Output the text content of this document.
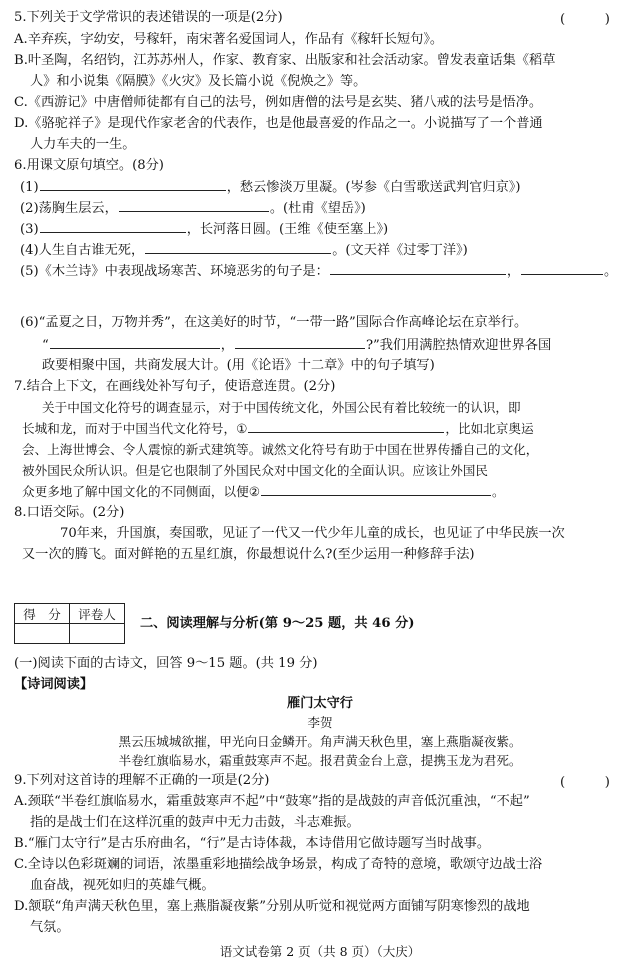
5.下列关于文学常识的表述错误的一项是(2分)	(　　　)
A.辛弃疾，字幼安，号稼轩，南宋著名爱国词人，作品有《稼轩长短句》。
B.叶圣陶，名绍钧，江苏苏州人，作家、教育家、出版家和社会活动家。曾发表童话集《稻草
人》和小说集《隔膜》《火灾》及长篇小说《倪焕之》等。
C.《西游记》中唐僧师徒都有自己的法号，例如唐僧的法号是玄奘、猪八戒的法号是悟净。
D.《骆驼祥子》是现代作家老舍的代表作，也是他最喜爱的作品之一。小说描写了一个普通
人力车夫的一生。
6.用课文原句填空。(8分)
(1)	，愁云惨淡万里凝。(岑参《白雪歌送武判官归京》)
(2)荡胸生层云，	。(杜甫《望岳》)
(3)	，长河落日圆。(王维《使至塞上》)
(4)人生自古谁无死，	。(文天祥《过零丁洋》)
(5)《木兰诗》中表现战场寒苦、环境恶劣的句子是：	，	。
(6)“孟夏之日，万物并秀”，在这美好的时节，“一带一路”国际合作高峰论坛在京举行。
“	，	?”我们用满腔热情欢迎世界各国
政要相聚中国，共商发展大计。(用《论语》十二章》中的句子填写)
7.结合上下文，在画线处补写句子，使语意连贯。(2分)
关于中国文化符号的调查显示，对于中国传统文化，外国公民有着比较统一的认识，即
长城和龙，而对于中国当代文化符号，①	，比如北京奥运
会、上海世博会、令人震惊的新式建筑等。诚然文化符号有助于中国在世界传播自己的文化，
被外国民众所认识。但是它也限制了外国民众对中国文化的全面认识。应该让外国民
众更多地了解中国文化的不同侧面，以便②	。
8.口语交际。(2分)
70年来，升国旗，奏国歌，见证了一代又一代少年儿童的成长，也见证了中华民族一次
又一次的腾飞。面对鲜艳的五星红旗，你最想说什么?(至少运用一种修辞手法)
得　分	评卷人

二、阅读理解与分析(第 9～25 题，共 46 分)
(一)阅读下面的古诗文，回答 9～15 题。(共 19 分)
【诗词阅读】
雁门太守行
李贺
黑云压城城欲摧，甲光向日金鳞开。角声满天秋色里，塞上燕脂凝夜紫。
半卷红旗临易水，霜重鼓寒声不起。报君黄金台上意，提携玉龙为君死。
9.下列对这首诗的理解不正确的一项是(2分)	(　　　)
A.颈联“半卷红旗临易水，霜重鼓寒声不起”中“鼓寒”指的是战鼓的声音低沉重浊，“不起”
指的是战士们在这样沉重的鼓声中无力击鼓，斗志难振。
B.“雁门太守行”是古乐府曲名，“行”是古诗体裁，本诗借用它做诗题写当时战事。
C.全诗以色彩斑斓的词语，浓墨重彩地描绘战争场景，构成了奇特的意境，歌颂守边战士浴
血奋战，视死如归的英雄气概。
D.颔联“角声满天秋色里，塞上燕脂凝夜紫”分别从听觉和视觉两方面铺写阴寒惨烈的战地
气氛。
语文试卷第 2 页（共 8 页）（大庆）
